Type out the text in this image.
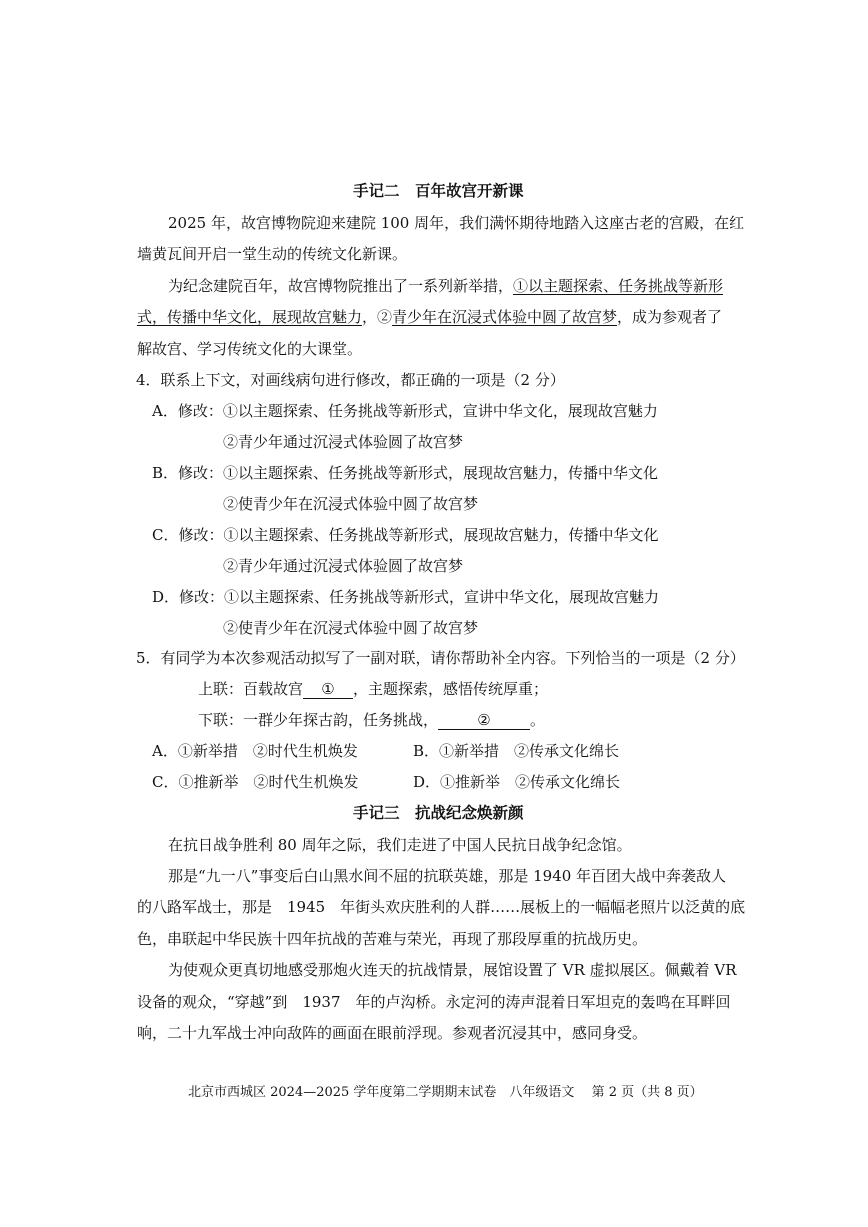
手记二　百年故宫开新课
2025 年，故宫博物院迎来建院 100 周年，我们满怀期待地踏入这座古老的宫殿，在红
墙黄瓦间开启一堂生动的传统文化新课。
为纪念建院百年，故宫博物院推出了一系列新举措，①以主题探索、任务挑战等新形
式，传播中华文化，展现故宫魅力，②青少年在沉浸式体验中圆了故宫梦，成为参观者了
解故宫、学习传统文化的大课堂。
4．联系上下文，对画线病句进行修改，都正确的一项是（2 分）
A．修改：①以主题探索、任务挑战等新形式，宣讲中华文化，展现故宫魅力
②青少年通过沉浸式体验圆了故宫梦
B．修改：①以主题探索、任务挑战等新形式，展现故宫魅力，传播中华文化
②使青少年在沉浸式体验中圆了故宫梦
C．修改：①以主题探索、任务挑战等新形式，展现故宫魅力，传播中华文化
②青少年通过沉浸式体验圆了故宫梦
D．修改：①以主题探索、任务挑战等新形式，宣讲中华文化，展现故宫魅力
②使青少年在沉浸式体验中圆了故宫梦
5．有同学为本次参观活动拟写了一副对联，请你帮助补全内容。下列恰当的一项是（2 分）
上联：百载故宫 ① ，主题探索，感悟传统厚重；
下联：一群少年探古韵，任务挑战，	②	。
A．①新举措　②时代生机焕发	B．①新举措　②传承文化绵长
C．①推新举　②时代生机焕发	D．①推新举　②传承文化绵长
手记三　抗战纪念焕新颜
在抗日战争胜利 80 周年之际，我们走进了中国人民抗日战争纪念馆。
那是“九一八”事变后白山黑水间不屈的抗联英雄，那是 1940 年百团大战中奔袭敌人
的八路军战士，那是　1945　年街头欢庆胜利的人群……展板上的一幅幅老照片以泛黄的底
色，串联起中华民族十四年抗战的苦难与荣光，再现了那段厚重的抗战历史。
为使观众更真切地感受那炮火连天的抗战情景，展馆设置了 VR 虚拟展区。佩戴着 VR
设备的观众，“穿越”到　1937　年的卢沟桥。永定河的涛声混着日军坦克的轰鸣在耳畔回
响，二十九军战士冲向敌阵的画面在眼前浮现。参观者沉浸其中，感同身受。
北京市西城区 2024—2025 学年度第二学期期末试卷　八年级语文　 第 2 页（共 8 页）
